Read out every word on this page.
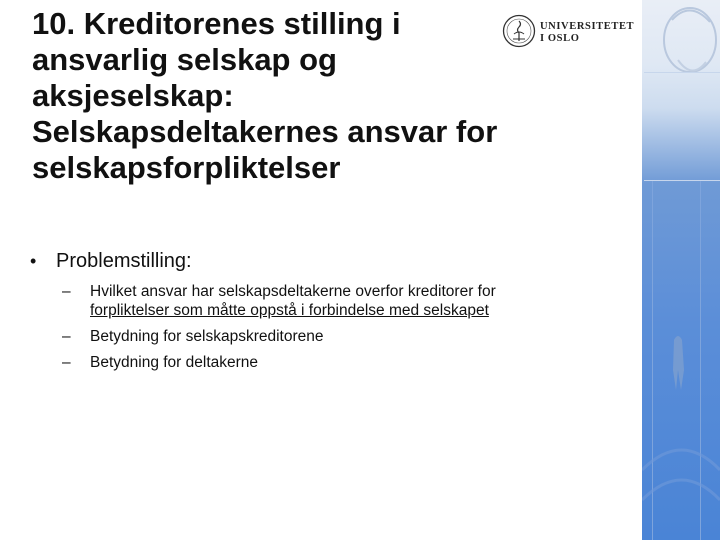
UNIVERSITETET
I OSLO
10. Kreditorenes stilling i
ansvarlig selskap og
aksjeselskap:
Selskapsdeltakernes ansvar for
selskapsforpliktelser
• Problemstilling:
– Hvilket ansvar har selskapsdeltakerne overfor kreditorer for
forpliktelser som måtte oppstå i forbindelse med selskapet
– Betydning for selskapskreditorene
– Betydning for deltakerne
